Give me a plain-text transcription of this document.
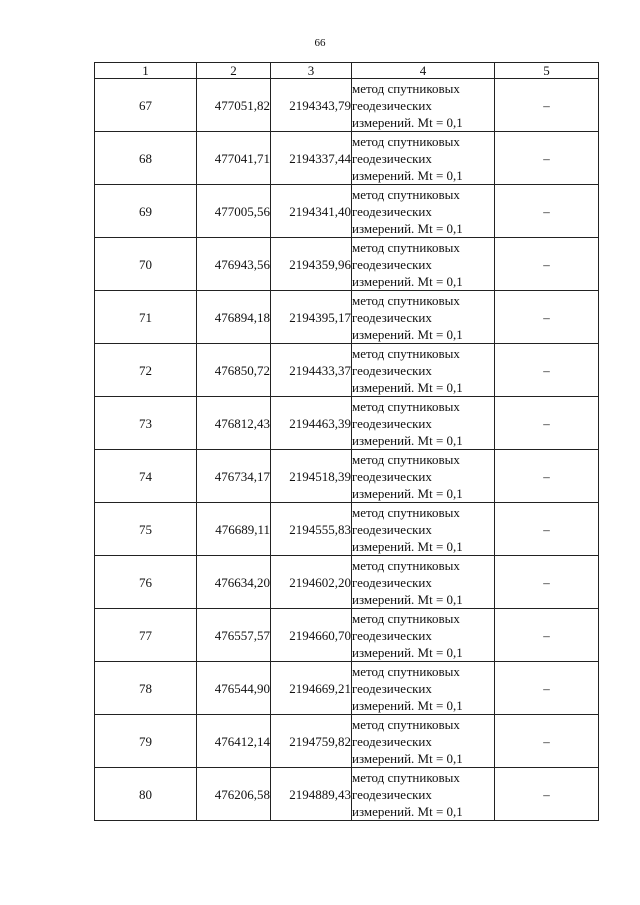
66
1	2	3	4	5
67	477051,82	2194343,79	метод спутниковых
геодезических
измерений. Mt = 0,1	–
68	477041,71	2194337,44	метод спутниковых
геодезических
измерений. Mt = 0,1	–
69	477005,56	2194341,40	метод спутниковых
геодезических
измерений. Mt = 0,1	–
70	476943,56	2194359,96	метод спутниковых
геодезических
измерений. Mt = 0,1	–
71	476894,18	2194395,17	метод спутниковых
геодезических
измерений. Mt = 0,1	–
72	476850,72	2194433,37	метод спутниковых
геодезических
измерений. Mt = 0,1	–
73	476812,43	2194463,39	метод спутниковых
геодезических
измерений. Mt = 0,1	–
74	476734,17	2194518,39	метод спутниковых
геодезических
измерений. Mt = 0,1	–
75	476689,11	2194555,83	метод спутниковых
геодезических
измерений. Mt = 0,1	–
76	476634,20	2194602,20	метод спутниковых
геодезических
измерений. Mt = 0,1	–
77	476557,57	2194660,70	метод спутниковых
геодезических
измерений. Mt = 0,1	–
78	476544,90	2194669,21	метод спутниковых
геодезических
измерений. Mt = 0,1	–
79	476412,14	2194759,82	метод спутниковых
геодезических
измерений. Mt = 0,1	–
80	476206,58	2194889,43	метод спутниковых
геодезических
измерений. Mt = 0,1	–
